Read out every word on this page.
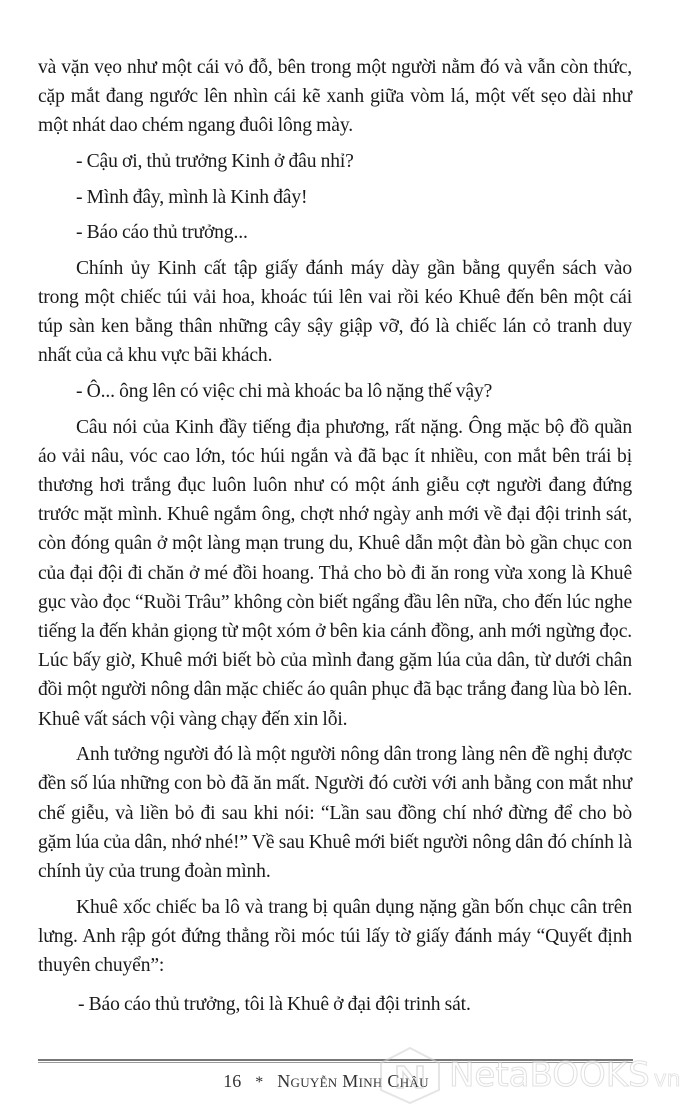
và vặn vẹo như một cái vỏ đỗ, bên trong một người nằm đó và vẫn còn thức, cặp mắt đang ngước lên nhìn cái kẽ xanh giữa vòm lá, một vết sẹo dài như một nhát dao chém ngang đuôi lông mày.

- Cậu ơi, thủ trưởng Kinh ở đâu nhỉ?

- Mình đây, mình là Kinh đây!

- Báo cáo thủ trưởng...

Chính ủy Kinh cất tập giấy đánh máy dày gần bằng quyển sách vào trong một chiếc túi vải hoa, khoác túi lên vai rồi kéo Khuê đến bên một cái túp sàn ken bằng thân những cây sậy giập vỡ, đó là chiếc lán cỏ tranh duy nhất của cả khu vực bãi khách.

- Ô... ông lên có việc chi mà khoác ba lô nặng thế vậy?

Câu nói của Kinh đầy tiếng địa phương, rất nặng. Ông mặc bộ đồ quần áo vải nâu, vóc cao lớn, tóc húi ngắn và đã bạc ít nhiều, con mắt bên trái bị thương hơi trắng đục luôn luôn như có một ánh giễu cợt người đang đứng trước mặt mình. Khuê ngắm ông, chợt nhớ ngày anh mới về đại đội trinh sát, còn đóng quân ở một làng mạn trung du, Khuê dẫn một đàn bò gần chục con của đại đội đi chăn ở mé đồi hoang. Thả cho bò đi ăn rong vừa xong là Khuê gục vào đọc “Ruồi Trâu” không còn biết ngẩng đầu lên nữa, cho đến lúc nghe tiếng la đến khản giọng từ một xóm ở bên kia cánh đồng, anh mới ngừng đọc. Lúc bấy giờ, Khuê mới biết bò của mình đang gặm lúa của dân, từ dưới chân đồi một người nông dân mặc chiếc áo quân phục đã bạc trắng đang lùa bò lên. Khuê vất sách vội vàng chạy đến xin lỗi.

Anh tưởng người đó là một người nông dân trong làng nên đề nghị được đền số lúa những con bò đã ăn mất. Người đó cười với anh bằng con mắt như chế giễu, và liền bỏ đi sau khi nói: “Lần sau đồng chí nhớ đừng để cho bò gặm lúa của dân, nhớ nhé!” Về sau Khuê mới biết người nông dân đó chính là chính ủy của trung đoàn mình.

Khuê xốc chiếc ba lô và trang bị quân dụng nặng gần bốn chục cân trên lưng. Anh rập gót đứng thẳng rồi móc túi lấy tờ giấy đánh máy “Quyết định thuyên chuyển”:

- Báo cáo thủ trưởng, tôi là Khuê ở đại đội trinh sát.

16 * Nguyễn Minh Châu NetaBOOKS vn
